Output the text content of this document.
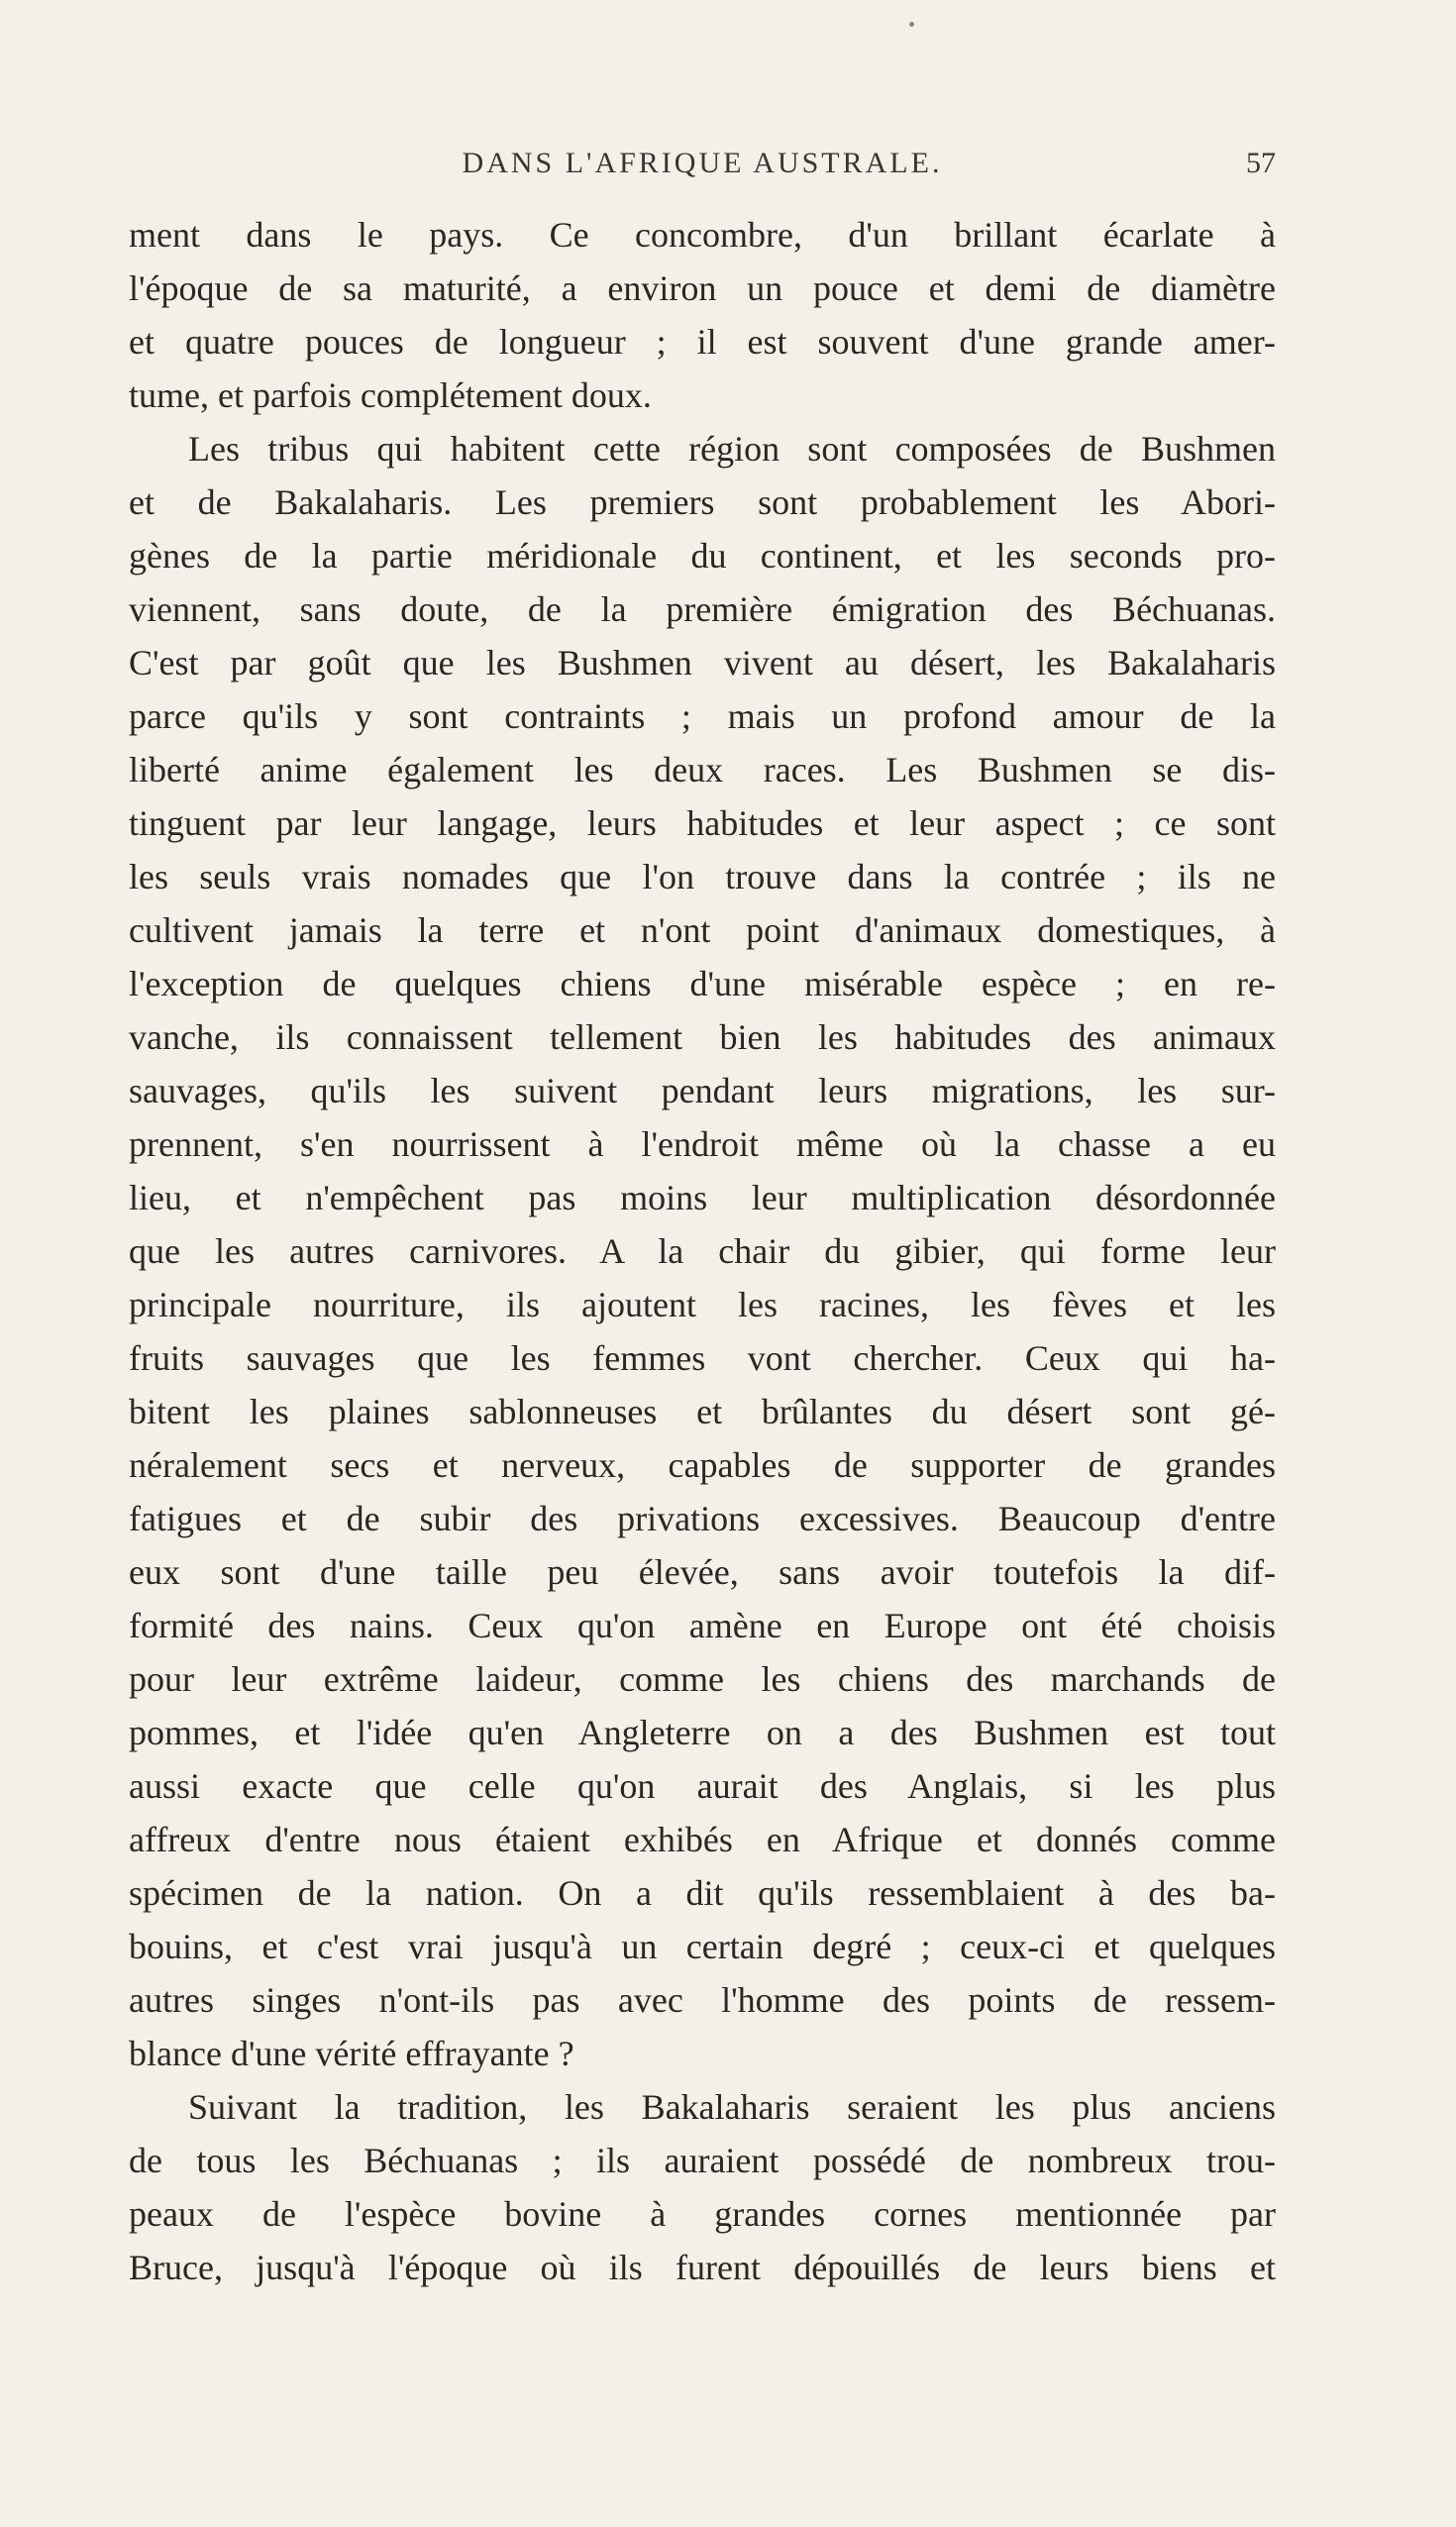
DANS L'AFRIQUE AUSTRALE.	57
ment dans le pays. Ce concombre, d'un brillant écarlate à
l'époque de sa maturité, a environ un pouce et demi de diamètre
et quatre pouces de longueur ; il est souvent d'une grande amer-
tume, et parfois complétement doux.
Les tribus qui habitent cette région sont composées de Bushmen
et de Bakalaharis. Les premiers sont probablement les Abori-
gènes de la partie méridionale du continent, et les seconds pro-
viennent, sans doute, de la première émigration des Béchuanas.
C'est par goût que les Bushmen vivent au désert, les Bakalaharis
parce qu'ils y sont contraints ; mais un profond amour de la
liberté anime également les deux races. Les Bushmen se dis-
tinguent par leur langage, leurs habitudes et leur aspect ; ce sont
les seuls vrais nomades que l'on trouve dans la contrée ; ils ne
cultivent jamais la terre et n'ont point d'animaux domestiques, à
l'exception de quelques chiens d'une misérable espèce ; en re-
vanche, ils connaissent tellement bien les habitudes des animaux
sauvages, qu'ils les suivent pendant leurs migrations, les sur-
prennent, s'en nourrissent à l'endroit même où la chasse a eu
lieu, et n'empêchent pas moins leur multiplication désordonnée
que les autres carnivores. A la chair du gibier, qui forme leur
principale nourriture, ils ajoutent les racines, les fèves et les
fruits sauvages que les femmes vont chercher. Ceux qui ha-
bitent les plaines sablonneuses et brûlantes du désert sont gé-
néralement secs et nerveux, capables de supporter de grandes
fatigues et de subir des privations excessives. Beaucoup d'entre
eux sont d'une taille peu élevée, sans avoir toutefois la dif-
formité des nains. Ceux qu'on amène en Europe ont été choisis
pour leur extrême laideur, comme les chiens des marchands de
pommes, et l'idée qu'en Angleterre on a des Bushmen est tout
aussi exacte que celle qu'on aurait des Anglais, si les plus
affreux d'entre nous étaient exhibés en Afrique et donnés comme
spécimen de la nation. On a dit qu'ils ressemblaient à des ba-
bouins, et c'est vrai jusqu'à un certain degré ; ceux-ci et quelques
autres singes n'ont-ils pas avec l'homme des points de ressem-
blance d'une vérité effrayante ?
Suivant la tradition, les Bakalaharis seraient les plus anciens
de tous les Béchuanas ; ils auraient possédé de nombreux trou-
peaux de l'espèce bovine à grandes cornes mentionnée par
Bruce, jusqu'à l'époque où ils furent dépouillés de leurs biens et
